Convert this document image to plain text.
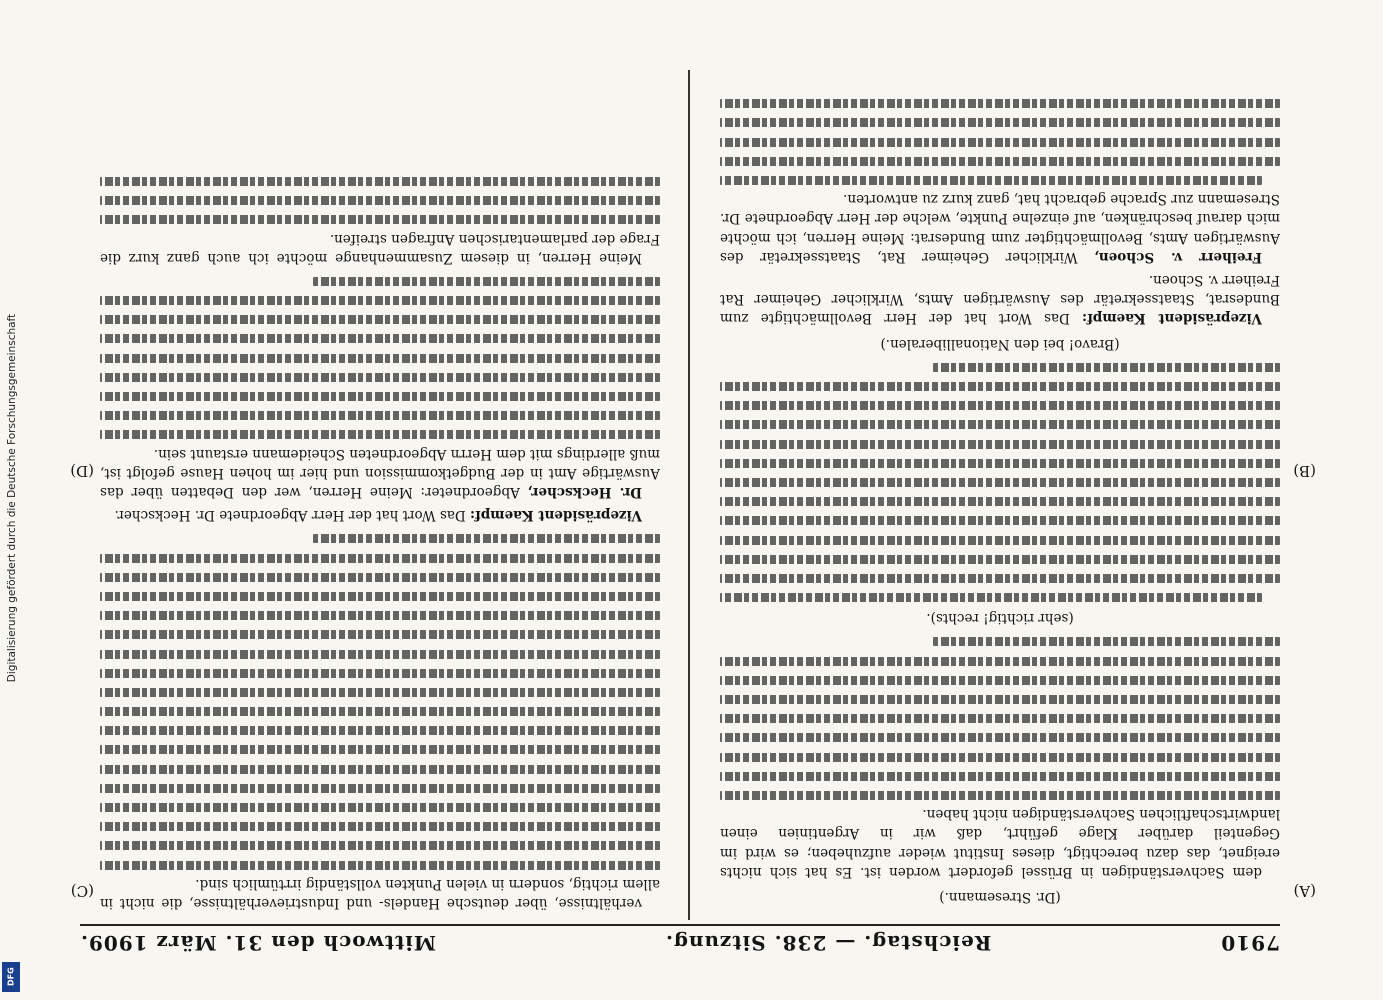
Digitalisierung gefördert durch die Deutsche Forschungsgemeinschaft
DFG
7910
Reichstag. — 238. Sitzung.
Mittwoch den 31. März 1909.

(Dr. Stresemann.)

dem Sachverständigen in Brüssel gefordert worden ist. Es hat sich nichts ereignet, das dazu berechtigt, dieses Institut wieder aufzuheben; es wird im Gegenteil darüber Klage geführt, daß wir in Argentinien einen landwirtschaftlichen Sachverständigen nicht haben.

(sehr richtig! rechts).

(Bravo! bei den Nationalliberalen.)

Vizepräsident Kaempf: Das Wort hat der Herr Bevollmächtigte zum Bundesrat, Staatssekretär des Auswärtigen Amts, Wirklicher Geheimer Rat Freiherr v. Schoen.

Freiherr v. Schoen, Wirklicher Geheimer Rat, Staatssekretär des Auswärtigen Amts, Bevollmächtigter zum Bundesrat: Meine Herren, ich möchte mich darauf beschränken, auf einzelne Punkte, welche der Herr Abgeordnete Dr. Stresemann zur Sprache gebracht hat, ganz kurz zu antworten.

(A)
(B)

verhältnisse, über deutsche Handels- und Industrieverhältnisse, die nicht in allem richtig, sondern in vielen Punkten vollständig irrtümlich sind.

Vizepräsident Kaempf: Das Wort hat der Herr Abgeordnete Dr. Heckscher.

Dr. Heckscher, Abgeordneter: Meine Herren, wer den Debatten über das Auswärtige Amt in der Budgetkommission und hier im hohen Hause gefolgt ist, muß allerdings mit dem Herrn Abgeordneten Scheidemann erstaunt sein.

Meine Herren, in diesem Zusammenhange möchte ich auch ganz kurz die Frage der parlamentarischen Anfragen streifen.

(C)
(D)
